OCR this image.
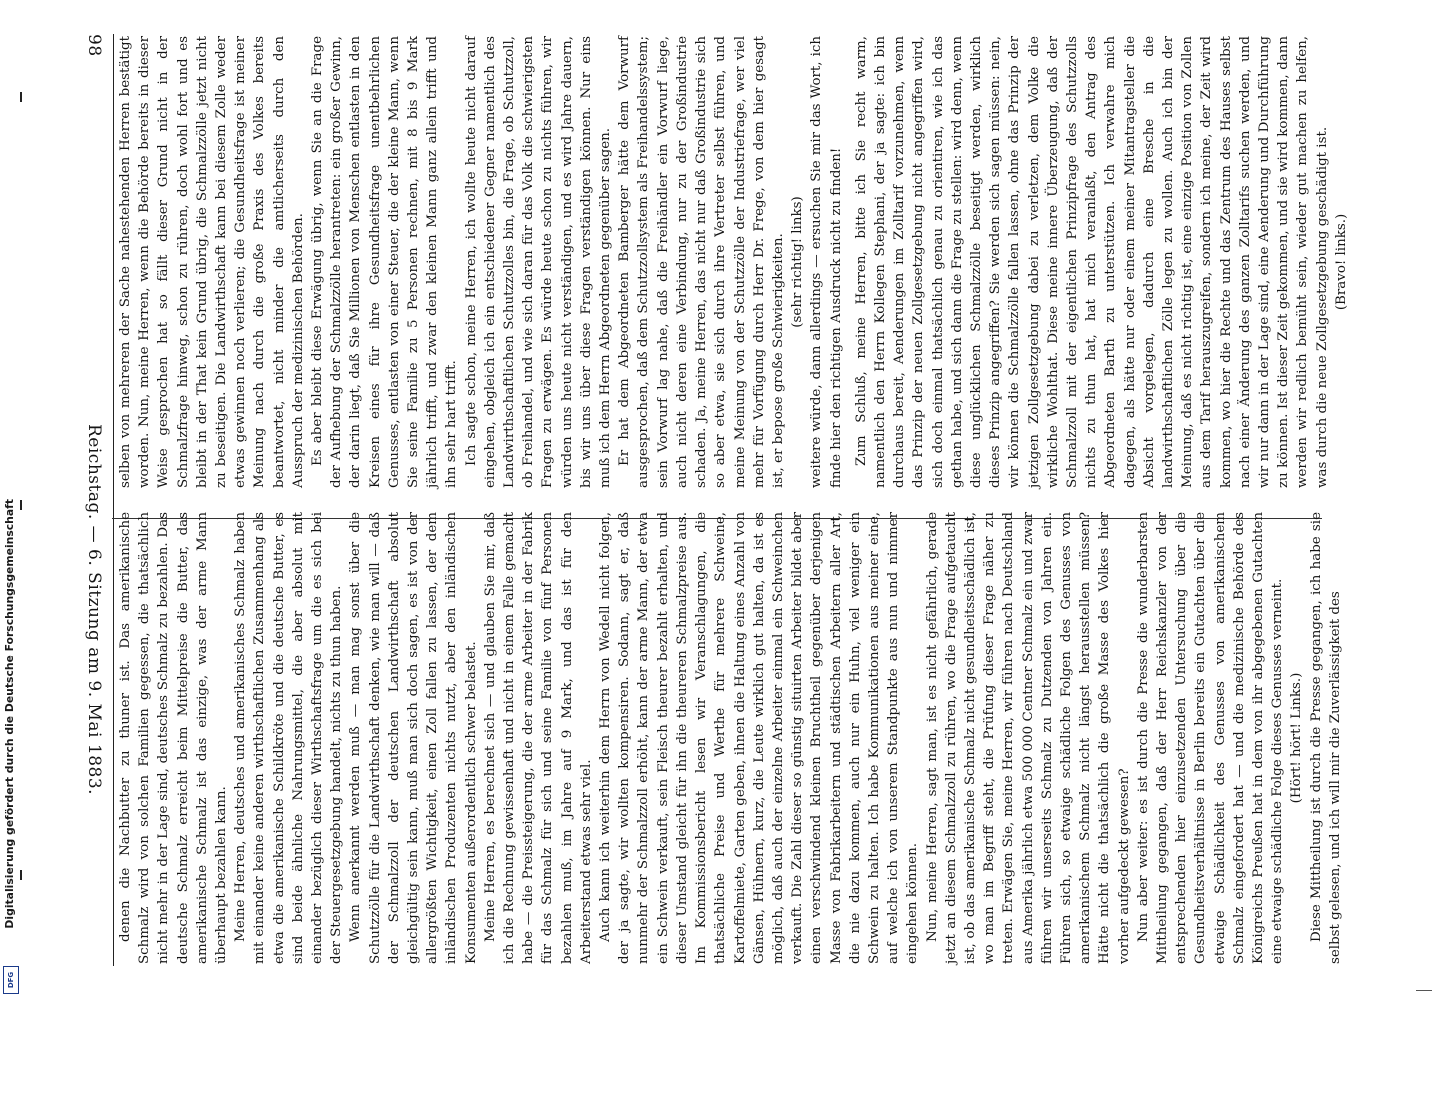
98
Reichstag. — 6. Sitzung am 9. Mai 1883. denen die Nachbutter zu thuner ist. Das amerikanische Schmalz wird von solchen Familien gegessen, die thatsächlich nicht mehr in der Lage sind, deutsches Schmalz zu bezahlen. Das deutsche Schmalz erreicht beim Mittelpreise die Butter, das amerikanische Schmalz ist das einzige, was der arme Mann überhaupt bezahlen kann. Meine Herren, deutsches und amerikanisches Schmalz haben mit einander keine anderen wirthschaftlichen Zusammenhang als etwa die amerikanische Schildkröte und die deutsche Butter, es sind beide ähnliche Nahrungsmittel, die aber absolut mit einander bezüglich dieser Wirthschaftsfrage um die es sich bei der Steuergesetzgebung handelt, nichts zu thun haben. Wenn anerkannt werden muß — man mag sonst über die Schutzzölle für die Landwirthschaft denken, wie man will — daß der Schmalzzoll der deutschen Landwirthschaft absolut gleichgültig sein kann, muß man sich doch sagen, es ist von der allergrößten Wichtigkeit, einen Zoll fallen zu lassen, der dem inländischen Produzenten nichts nutzt, aber den inländischen Konsumenten außerordentlich schwer belastet. Meine Herren, es berechnet sich — und glauben Sie mir, daß ich die Rechnung gewissenhaft und nicht in einem Falle gemacht habe — die Preissteigerung, die der arme Arbeiter in der Fabrik für das Schmalz für sich und seine Familie von fünf Personen bezahlen muß, im Jahre auf 9 Mark, und das ist für den Arbeiterstand etwas sehr viel. Auch kann ich weiterhin dem Herrn von Wedell nicht folgen, der ja sagte, wir wollten kompensiren. Sodann, sagt er, daß nunmehr der Schmalzzoll erhöht, kann der arme Mann, der etwa ein Schwein verkauft, sein Fleisch theurer bezahlt erhalten, und dieser Umstand gleicht für ihn die theureren Schmalzpreise aus. Im Kommissionsbericht lesen wir Veranschlagungen, die thatsächliche Preise und Werthe für mehrere Schweine, Kartoffelmiete, Garten geben, ihnen die Haltung eines Anzahl von Gänsen, Hühnern, kurz, die Leute wirklich gut halten, da ist es möglich, daß auch der einzelne Arbeiter einmal ein Schweinchen verkauft. Die Zahl dieser so günstig situirten Arbeiter bildet aber einen verschwindend kleinen Bruchtheil gegenüber derjenigen Masse von Fabrikarbeitern und städtischen Arbeitern aller Art, die nie dazu kommen, auch nur ein Huhn, viel weniger ein Schwein zu halten. Ich habe Kommunikationen aus meiner eine, auf welche ich von unserem Standpunkte aus nun und nimmer eingehen können. Nun, meine Herren, sagt man, ist es nicht gefährlich, gerade jetzt an diesem Schmalzzoll zu rühren, wo die Frage aufgetaucht ist, ob das amerikanische Schmalz nicht gesundheitsschädlich ist, wo man im Begriff steht, die Prüfung dieser Frage näher zu treten. Erwägen Sie, meine Herren, wir führen nach Deutschland aus Amerika jährlich etwa 500 000 Centner Schmalz ein und zwar führen wir unserseits Schmalz zu Dutzenden von Jahren ein. Führen sich, so etwaige schädliche Folgen des Genusses von amerikanischem Schmalz nicht längst herausstellen müssen? Hätte nicht die thatsächlich die große Masse des Volkes hier vorher aufgedeckt gewesen? Nun aber weiter: es ist durch die Presse die wunderbarsten Mittheilung gegangen, daß der Herr Reichskanzler von der entsprechenden hier einzusetzenden Untersuchung über die Gesundheitsverhältnisse in Berlin bereits ein Gutachten über die etwaige Schädlichkeit des Genusses von amerikanischem Schmalz eingefordert hat — und die medizinische Behörde des Königreichs Preußen hat in dem von ihr abgegebenen Gutachten eine etwaige schädliche Folge dieses Genusses verneint. (Hört! hört! Links.) Diese Mittheilung ist durch die Presse gegangen, ich habe sie selbst gelesen, und ich will mir die Zuverlässigkeit des

selben von mehreren der Sache nahestehenden Herren bestätigt worden. Nun, meine Herren, wenn die Behörde bereits in dieser Weise gesprochen hat so fällt dieser Grund nicht in der Schmalzfrage hinweg, schon zu rühren, doch wohl fort und es bleibt in der That kein Grund übrig, die Schmalzzölle jetzt nicht zu beseitigen. Die Landwirthschaft kann bei diesem Zolle weder etwas gewinnen noch verlieren; die Gesundheitsfrage ist meiner Meinung nach durch die große Praxis des Volkes bereits beantwortet, nicht minder die amtlicherseits durch den Ausspruch der medizinischen Behörden. Es aber bleibt diese Erwägung übrig, wenn Sie an die Frage der Aufhebung der Schmalzzölle herantreten: ein großer Gewinn, der darin liegt, daß Sie Millionen von Menschen entlasten in den Kreisen eines für ihre Gesundheitsfrage unentbehrlichen Genusses, entlasten von einer Steuer, die der kleine Mann, wenn Sie seine Familie zu 5 Personen rechnen, mit 8 bis 9 Mark jährlich trifft, und zwar den kleinen Mann ganz allein trifft und ihn sehr hart trifft. Ich sagte schon, meine Herren, ich wollte heute nicht darauf eingehen, obgleich ich ein entschiedener Gegner namentlich des Landwirthschaftlichen Schutzzolles bin, die Frage, ob Schutzzoll, ob Freihandel, und wie sich daran für das Volk die schwierigsten Fragen zu erwägen. Es würde heute schon zu nichts führen, wir würden uns heute nicht verständigen, und es wird Jahre dauern, bis wir uns über diese Fragen verständigen können. Nur eins muß ich dem Herrn Abgeordneten gegenüber sagen. Er hat dem Abgeordneten Bamberger hätte dem Vorwurf ausgesprochen, daß dem Schutzzollsystem als Freihandelssystem; sein Vorwurf lag nahe, daß die Freihändler ein Vorwurf liege, auch nicht deren eine Verbindung, nur zu der Großindustrie schaden. Ja, meine Herren, das nicht nur daß Großindustrie sich so aber etwa, sie sich durch ihre Vertreter selbst führen, und meine Meinung von der Schutzzölle der Industriefrage, wer viel mehr für Vorfügung durch Herr Dr. Frege, von dem hier gesagt ist, er bepose große Schwierigkeiten. (sehr richtig! links) weitere würde, dann allerdings — ersuchen Sie mir das Wort, ich finde hier den richtigen Ausdruck nicht zu finden! Zum Schluß, meine Herren, bitte ich Sie recht warm, namentlich den Herrn Kollegen Stephani, der ja sagte: ich bin durchaus bereit, Aenderungen im Zolltarif vorzunehmen, wenn das Prinzip der neuen Zollgesetzgebung nicht angegriffen wird, sich doch einmal thatsächlich genau zu orientiren, wie ich das gethan habe, und sich dann die Frage zu stellen: wird denn, wenn diese unglücklichen Schmalzzölle beseitigt werden, wirklich dieses Prinzip angegriffen? Sie werden sich sagen müssen: nein, wir können die Schmalzzölle fallen lassen, ohne das Prinzip der jetzigen Zollgesetzgebung dabei zu verletzen, dem Volke die wirkliche Wohlthat. Diese meine innere Überzeugung, daß der Schmalzzoll mit der eigentlichen Prinzipfrage des Schutzzolls nichts zu thun hat, hat mich veranlaßt, den Antrag des Abgeordneten Barth zu unterstützen. Ich verwahre mich dagegen, als hätte nur oder einem meiner Mitantragsteller die Absicht vorgelegen, dadurch eine Bresche in die landwirthschaftlichen Zölle legen zu wollen. Auch ich bin der Meinung, daß es nicht richtig ist, eine einzige Position von Zollen aus dem Tarif herauszugreifen, sondern ich meine, der Zeit wird kommen, wo hier die Rechte und das Zentrum des Hauses selbst nach einer Änderung des ganzen Zolltarifs suchen werden, und wir nur dann in der Lage sind, eine Aenderung und Durchführung zu können. Ist dieser Zeit gekommen, und sie wird kommen, dann werden wir redlich bemüht sein, wieder gut machen zu helfen, was durch die neue Zollgesetzgebung geschädigt ist. (Bravo! links.)

Digitalisierung gefördert durch die Deutsche Forschungsgemeinschaft
DFG
